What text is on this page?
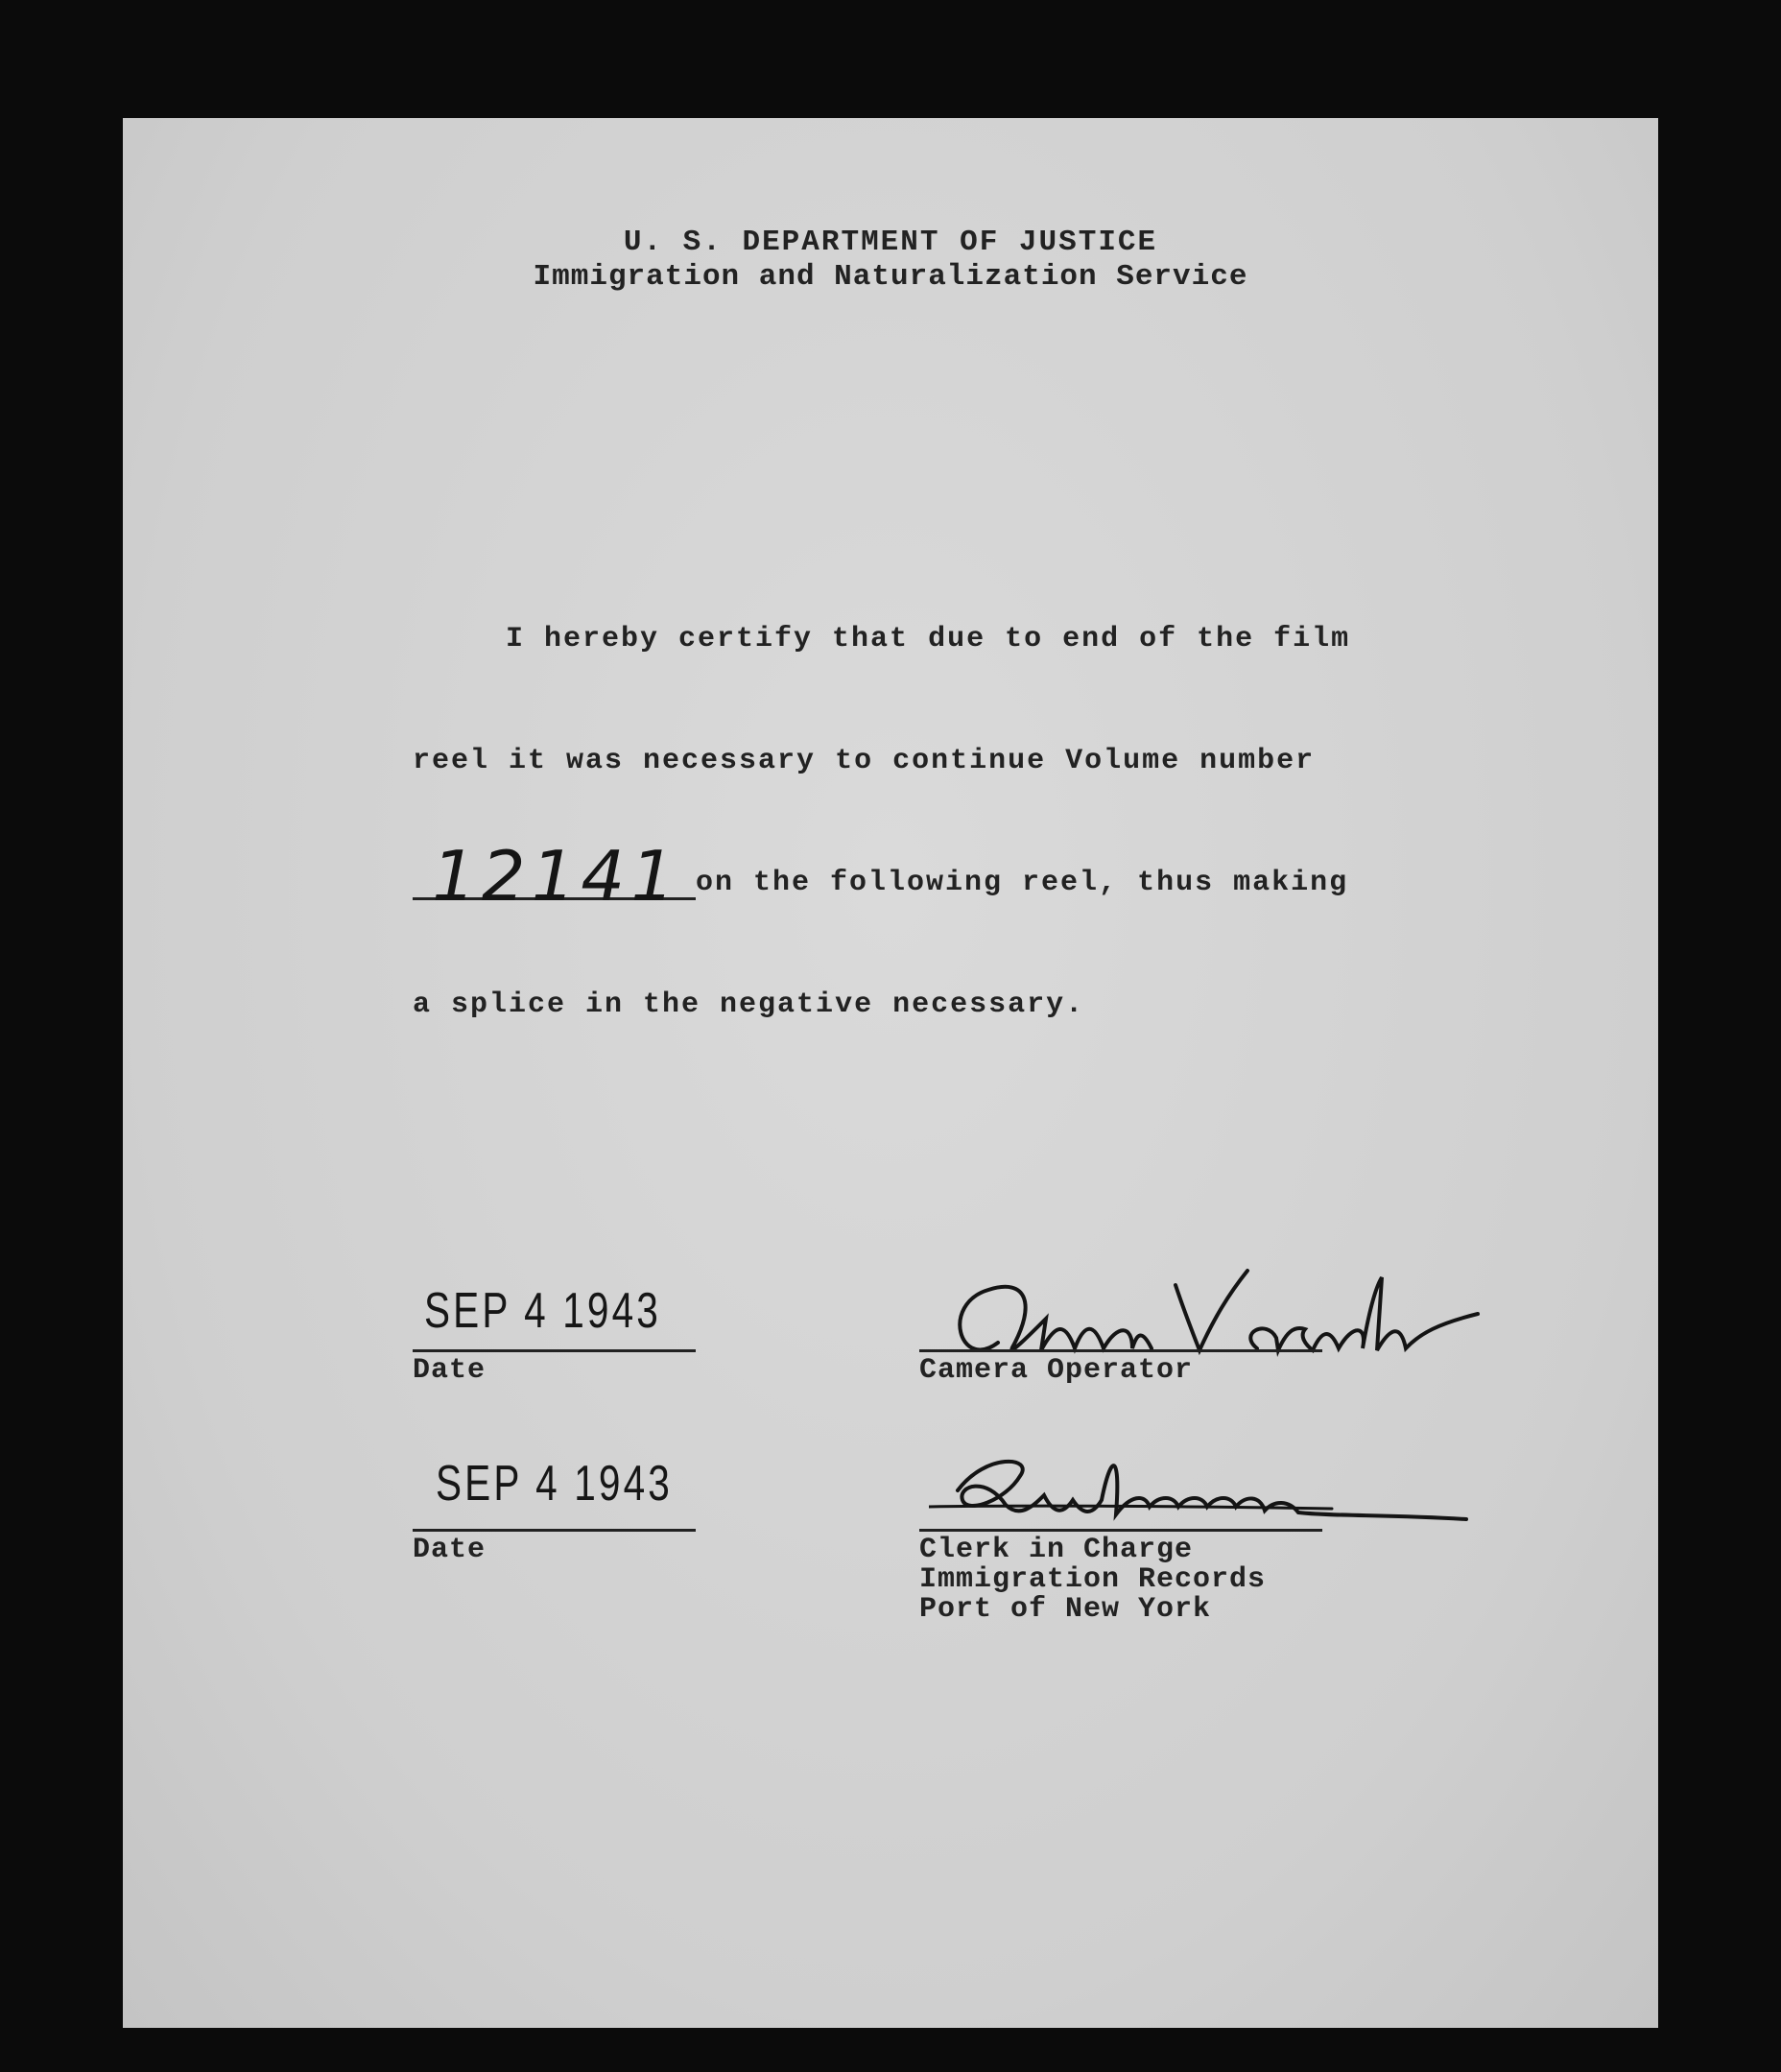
U. S. DEPARTMENT OF JUSTICE
Immigration and Naturalization Service
I hereby certify that due to end of the film
reel it was necessary to continue Volume number
12141 on the following reel, thus making
a splice in the negative necessary.
SEP 4 1943
Date	Camera Operator
SEP 4 1943
Date	Clerk in Charge
Immigration Records
Port of New York
